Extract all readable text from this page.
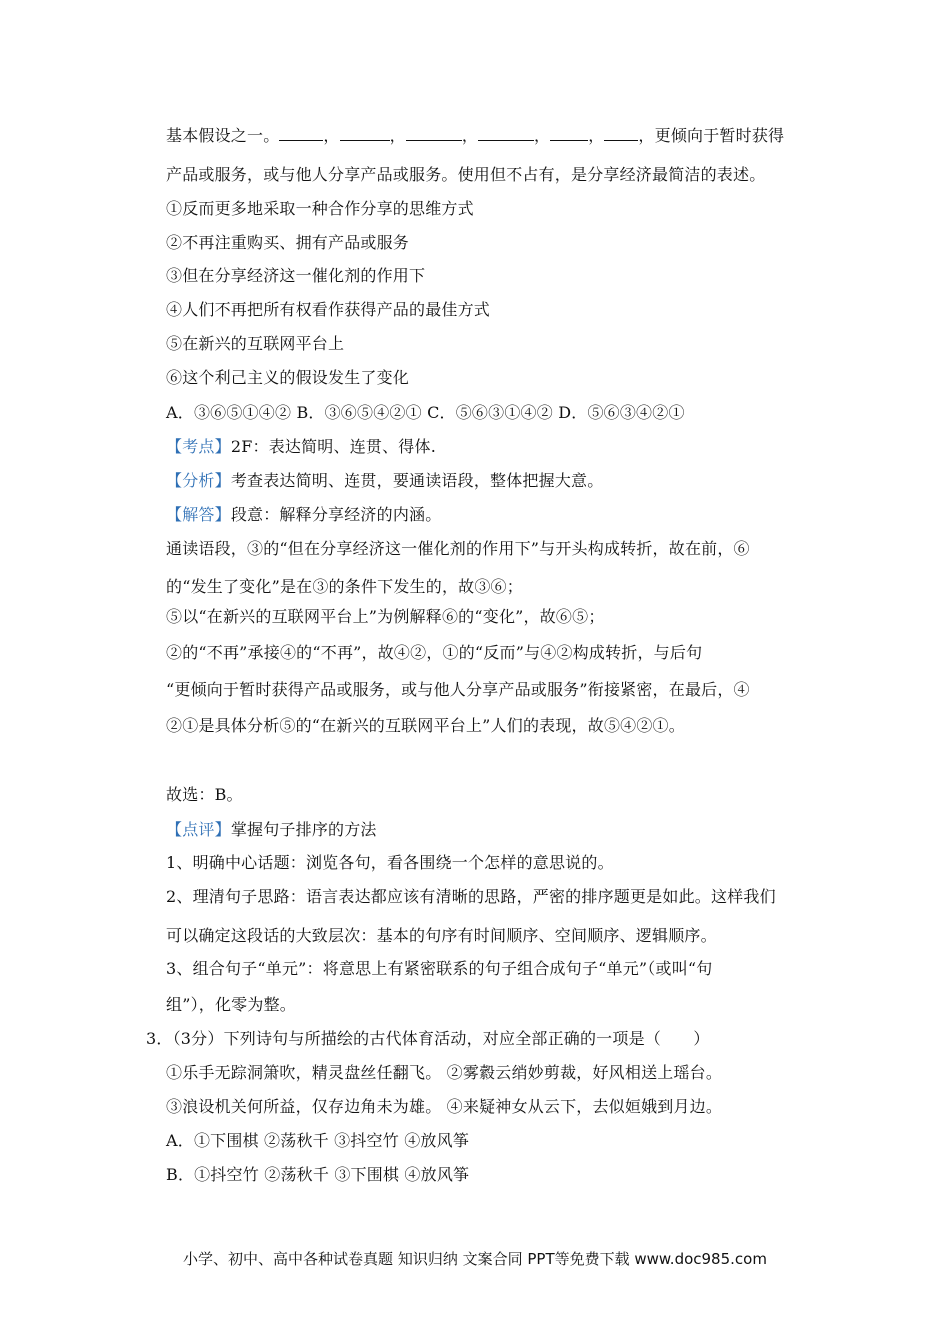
基本假设之一。	，	，	，	， ， ，更倾向于暂时获得
产品或服务，或与他人分享产品或服务。使用但不占有，是分享经济最简洁的表述。
①反而更多地采取一种合作分享的思维方式
②不再注重购买、拥有产品或服务
③但在分享经济这一催化剂的作用下
④人们不再把所有权看作获得产品的最佳方式
⑤在新兴的互联网平台上
⑥这个利己主义的假设发生了变化
A．③⑥⑤①④② B．③⑥⑤④②① C．⑤⑥③①④② D．⑤⑥③④②①
【考点】2F：表达简明、连贯、得体.
【分析】考查表达简明、连贯，要通读语段，整体把握大意。
【解答】段意：解释分享经济的内涵。
通读语段，③的“但在分享经济这一催化剂的作用下”与开头构成转折，故在前，⑥
的“发生了变化”是在③的条件下发生的，故③⑥；
⑤以“在新兴的互联网平台上”为例解释⑥的“变化”，故⑥⑤；
②的“不再”承接④的“不再”，故④②，①的“反而”与④②构成转折，与后句
“更倾向于暂时获得产品或服务，或与他人分享产品或服务”衔接紧密，在最后，④
②①是具体分析⑤的“在新兴的互联网平台上”人们的表现，故⑤④②①。
故选：B。
【点评】掌握句子排序的方法
1、明确中心话题：浏览各句，看各围绕一个怎样的意思说的。
2、理清句子思路：语言表达都应该有清晰的思路，严密的排序题更是如此。这样我们
可以确定这段话的大致层次：基本的句序有时间顺序、空间顺序、逻辑顺序。
3、组合句子“单元”：将意思上有紧密联系的句子组合成句子“单元”（或叫“句
组”），化零为整。
3．（3分）下列诗句与所描绘的古代体育活动，对应全部正确的一项是（　　）
①乐手无踪洞箫吹，精灵盘丝任翻飞。 ②雾縠云绡妙剪裁，好风相送上瑶台。
③浪设机关何所益，仅存边角未为雄。 ④来疑神女从云下，去似姮娥到月边。
A．①下围棋 ②荡秋千 ③抖空竹 ④放风筝
B．①抖空竹 ②荡秋千 ③下围棋 ④放风筝
小学、初中、高中各种试卷真题 知识归纳 文案合同 PPT等免费下载 www.doc985.com
